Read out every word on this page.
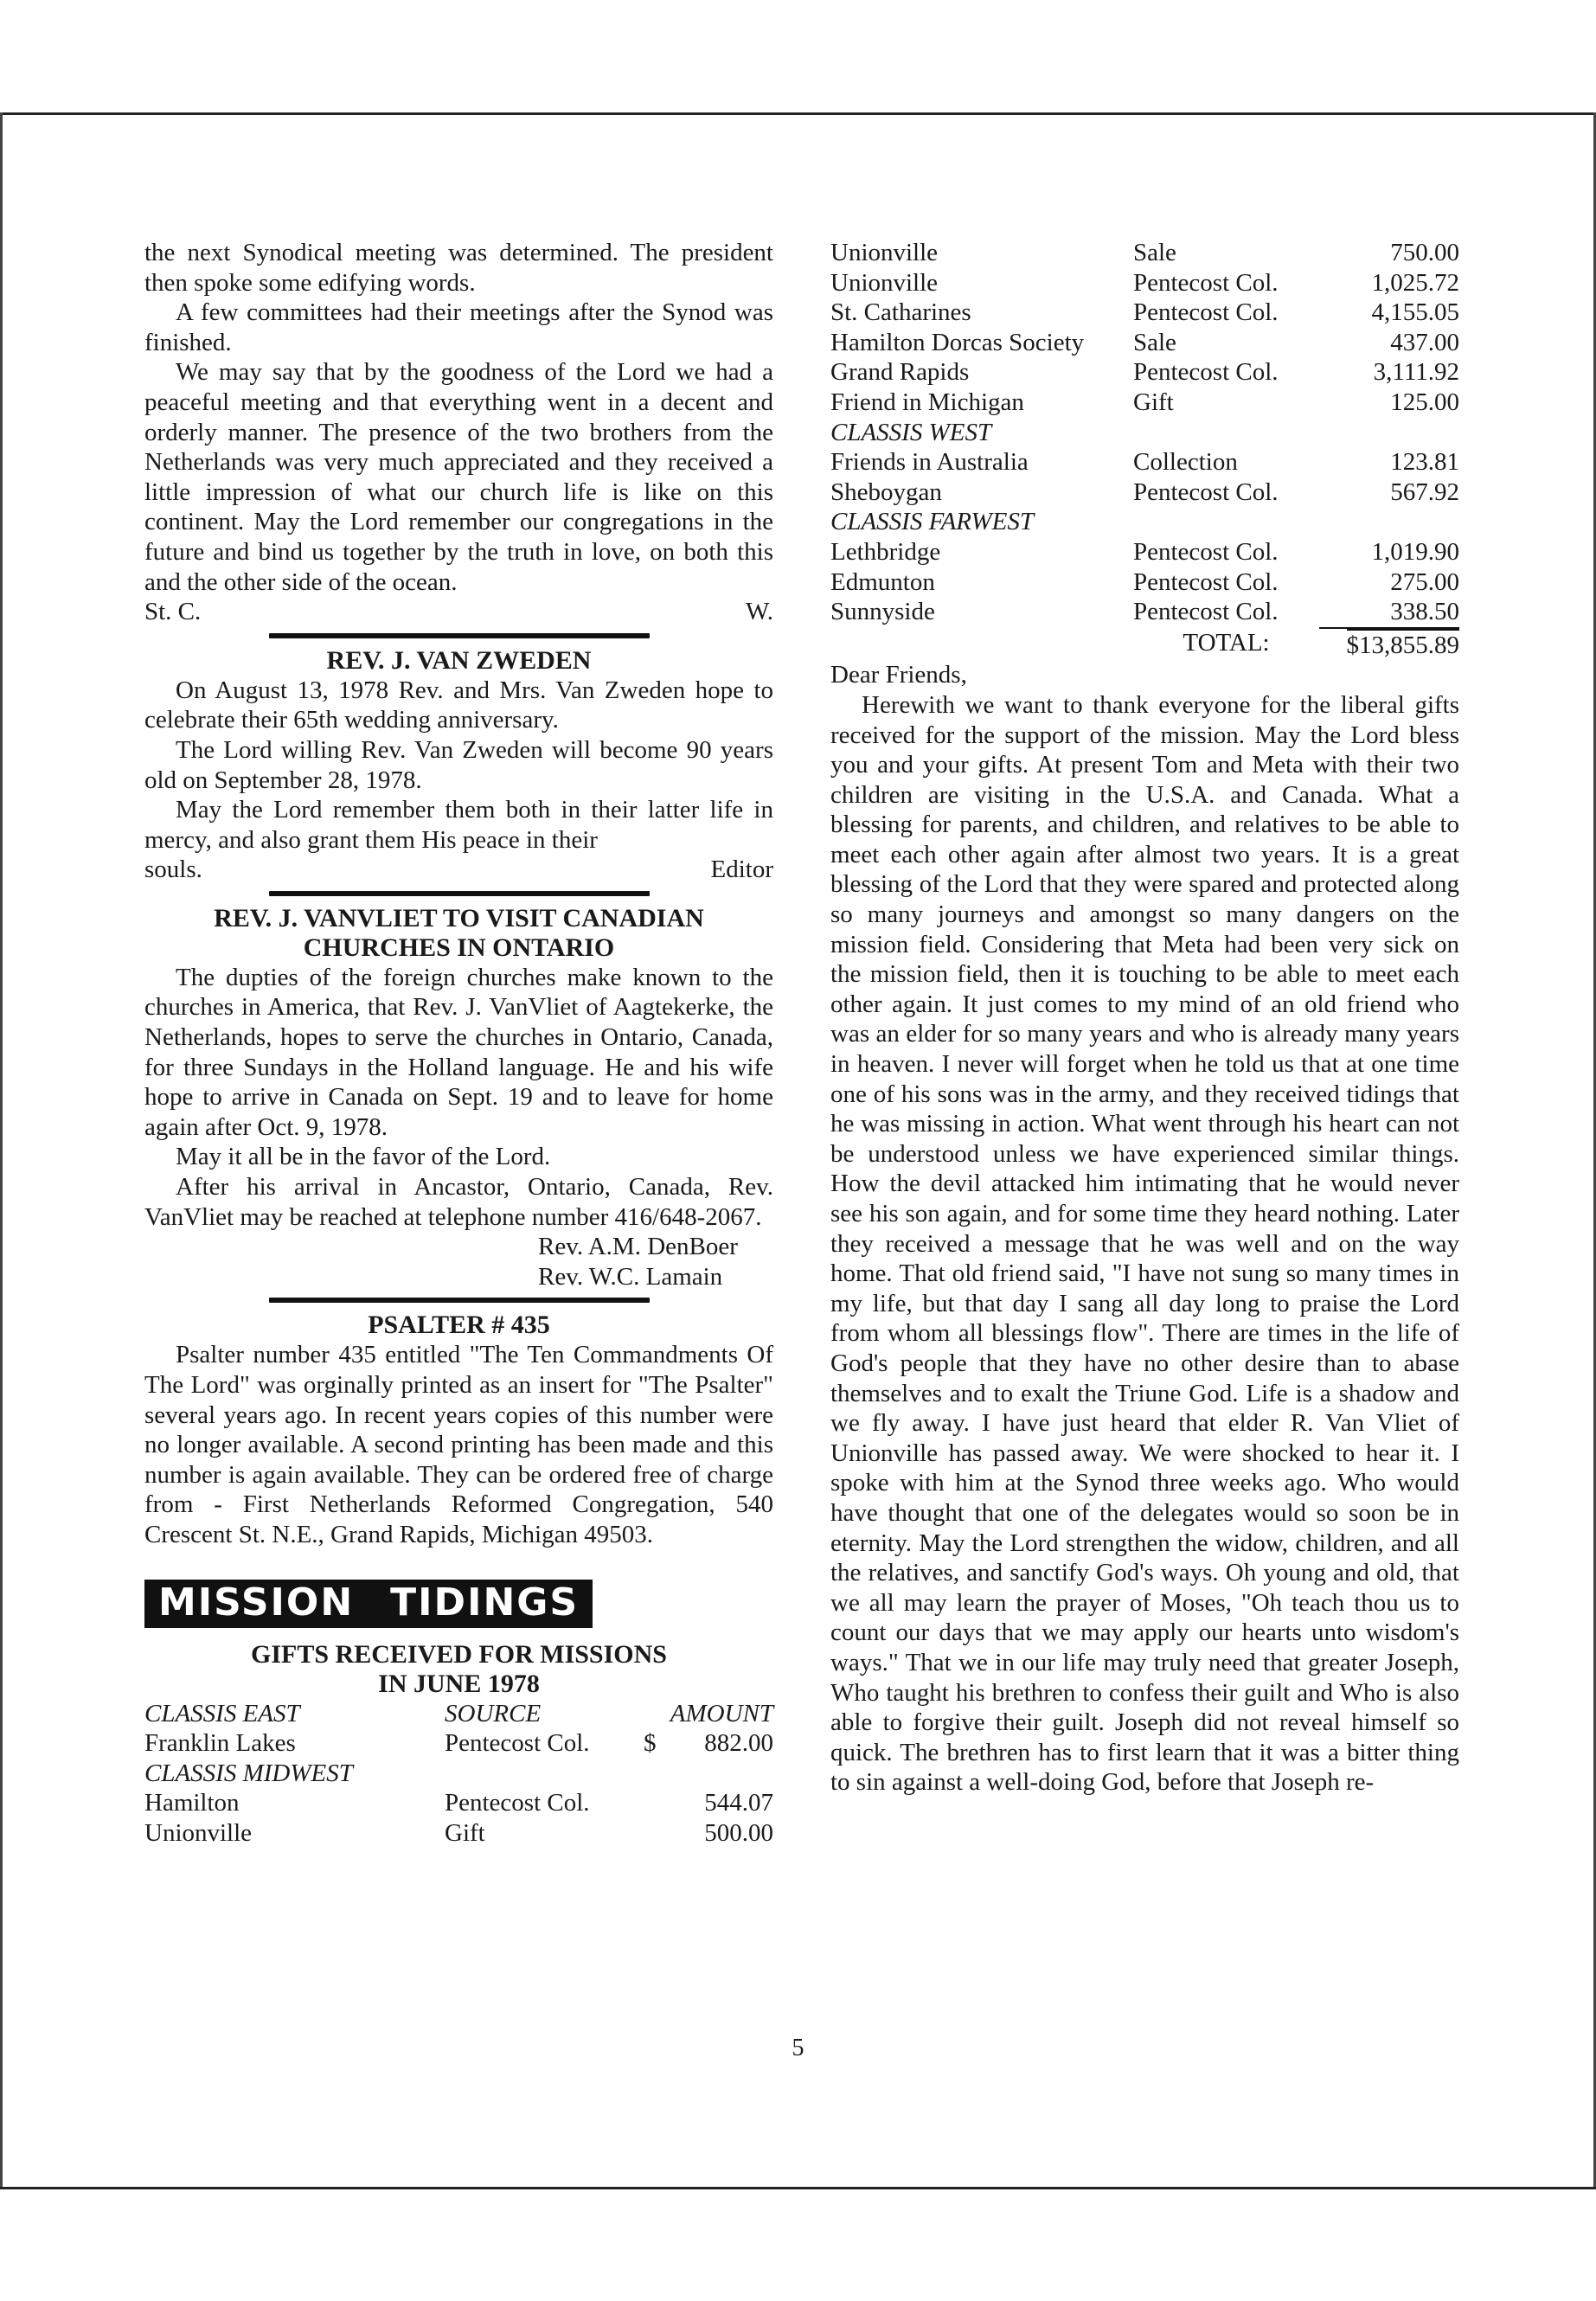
the next Synodical meeting was determined. The president then spoke some edifying words.

A few committees had their meetings after the Synod was finished.

We may say that by the goodness of the Lord we had a peaceful meeting and that everything went in a decent and orderly manner. The presence of the two brothers from the Netherlands was very much appreciated and they received a little impression of what our church life is like on this continent. May the Lord remember our congregations in the future and bind us together by the truth in love, on both this and the other side of the ocean.

St. C.	W.
REV. J. VAN ZWEDEN

On August 13, 1978 Rev. and Mrs. Van Zweden hope to celebrate their 65th wedding anniversary.

The Lord willing Rev. Van Zweden will become 90 years old on September 28, 1978.

May the Lord remember them both in their latter life in mercy, and also grant them His peace in their

souls.	Editor
REV. J. VANVLIET TO VISIT CANADIAN
CHURCHES IN ONTARIO

The dupties of the foreign churches make known to the churches in America, that Rev. J. VanVliet of Aagtekerke, the Netherlands, hopes to serve the churches in Ontario, Canada, for three Sundays in the Holland language. He and his wife hope to arrive in Canada on Sept. 19 and to leave for home again after Oct. 9, 1978.

May it all be in the favor of the Lord.

After his arrival in Ancastor, Ontario, Canada, Rev. VanVliet may be reached at telephone number 416/648-2067.

Rev. A.M. DenBoer
Rev. W.C. Lamain
PSALTER # 435

Psalter number 435 entitled "The Ten Commandments Of The Lord" was orginally printed as an insert for "The Psalter" several years ago. In recent years copies of this number were no longer available. A second printing has been made and this number is again available. They can be ordered free of charge from - First Netherlands Reformed Congregation, 540 Crescent St. N.E., Grand Rapids, Michigan 49503.

MISSION TIDINGS
GIFTS RECEIVED FOR MISSIONS
IN JUNE 1978
CLASSIS EAST	SOURCE	AMOUNT	
Franklin Lakes	Pentecost Col.	$	882.00
CLASSIS MIDWEST			
Hamilton	Pentecost Col.		544.07
Unionville	Gift		500.00
Unionville	Sale	750.00
Unionville	Pentecost Col.	1,025.72
St. Catharines	Pentecost Col.	4,155.05
Hamilton Dorcas Society	Sale	437.00
Grand Rapids	Pentecost Col.	3,111.92
Friend in Michigan	Gift	125.00
CLASSIS WEST		
Friends in Australia	Collection	123.81
Sheboygan	Pentecost Col.	567.92
CLASSIS FARWEST		
Lethbridge	Pentecost Col.	1,019.90
Edmunton	Pentecost Col.	275.00
Sunnyside	Pentecost Col.	338.50
	TOTAL:	$13,855.89

Dear Friends,

Herewith we want to thank everyone for the liberal gifts received for the support of the mission. May the Lord bless you and your gifts. At present Tom and Meta with their two children are visiting in the U.S.A. and Canada. What a blessing for parents, and children, and relatives to be able to meet each other again after almost two years. It is a great blessing of the Lord that they were spared and protected along so many journeys and amongst so many dangers on the mission field. Considering that Meta had been very sick on the mission field, then it is touching to be able to meet each other again. It just comes to my mind of an old friend who was an elder for so many years and who is already many years in heaven. I never will forget when he told us that at one time one of his sons was in the army, and they received tidings that he was missing in action. What went through his heart can not be understood unless we have experienced similar things. How the devil attacked him intimating that he would never see his son again, and for some time they heard nothing. Later they received a message that he was well and on the way home. That old friend said, "I have not sung so many times in my life, but that day I sang all day long to praise the Lord from whom all blessings flow". There are times in the life of God's people that they have no other desire than to abase themselves and to exalt the Triune God. Life is a shadow and we fly away. I have just heard that elder R. Van Vliet of Unionville has passed away. We were shocked to hear it. I spoke with him at the Synod three weeks ago. Who would have thought that one of the delegates would so soon be in eternity. May the Lord strengthen the widow, children, and all the relatives, and sanctify God's ways. Oh young and old, that we all may learn the prayer of Moses, "Oh teach thou us to count our days that we may apply our hearts unto wisdom's ways." That we in our life may truly need that greater Joseph, Who taught his brethren to confess their guilt and Who is also able to forgive their guilt. Joseph did not reveal himself so quick. The brethren has to first learn that it was a bitter thing to sin against a well-doing God, before that Joseph re-

5
